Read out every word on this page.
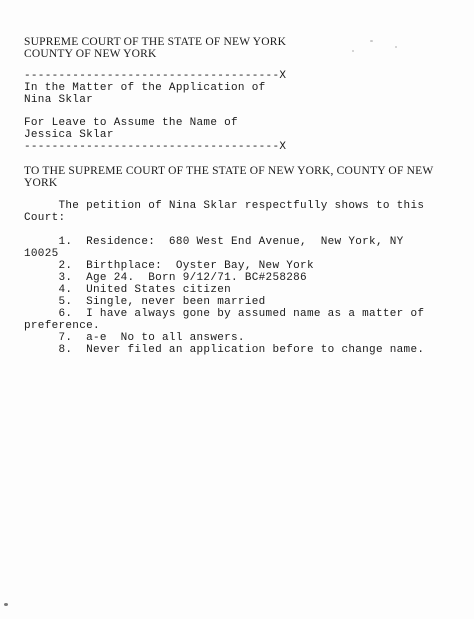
SUPREME COURT OF THE STATE OF NEW YORK
COUNTY OF NEW YORK
-------------------------------------X
In the Matter of the Application of
Nina Sklar
For Leave to Assume the Name of
Jessica Sklar
-------------------------------------X
TO THE SUPREME COURT OF THE STATE OF NEW YORK, COUNTY OF NEW
YORK
The petition of Nina Sklar respectfully shows to this
Court:
1.  Residence:  680 West End Avenue,  New York, NY
10025
2.  Birthplace:  Oyster Bay, New York
3.  Age 24.  Born 9/12/71. BC#258286
4.  United States citizen
5.  Single, never been married
6.  I have always gone by assumed name as a matter of
preference.
7.  a-e  No to all answers.
8.  Never filed an application before to change name.
